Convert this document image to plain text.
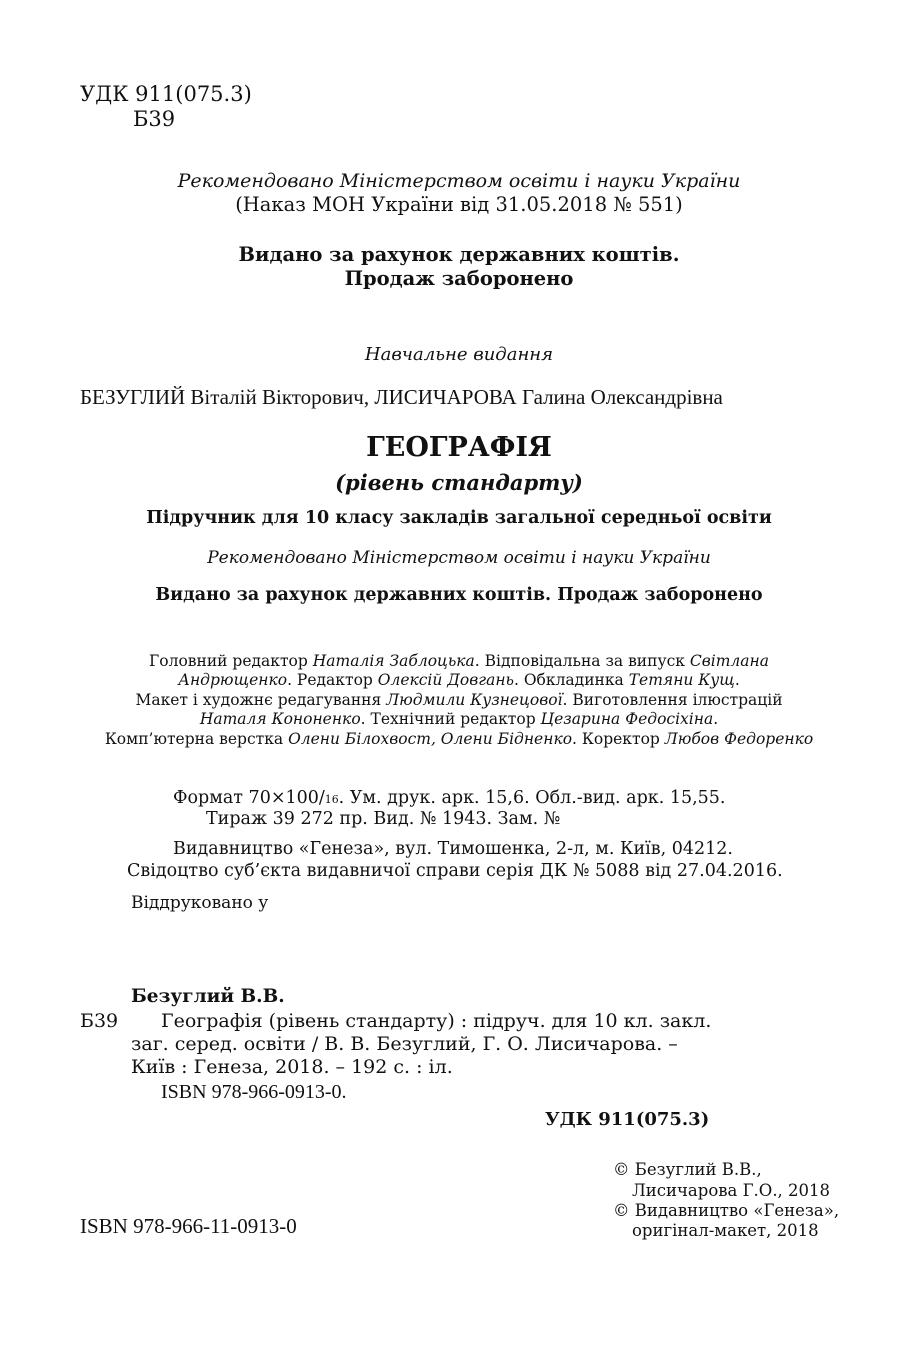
УДК 911(075.3)
Б39
Рекомендовано Міністерством освіти і науки України
(Наказ МОН України від 31.05.2018 № 551)
Видано за рахунок державних коштів.
Продаж заборонено
Навчальне видання
БЕЗУГЛИЙ Віталій Вікторович, ЛИСИЧАРОВА Галина Олександрівна
ГЕОГРАФІЯ
(рівень стандарту)
Підручник для 10 класу закладів загальної середньої освіти
Рекомендовано Міністерством освіти і науки України
Видано за рахунок державних коштів. Продаж заборонено
Головний редактор Наталія Заблоцька. Відповідальна за випуск Світлана
Андрющенко. Редактор Олексій Довгань. Обкладинка Тетяни Кущ.
Макет і художнє редагування Людмили Кузнецової. Виготовлення ілюстрацій
Наталя Кононенко. Технічний редактор Цезарина Федосіхіна.
Комп’ютерна верстка Олени Білохвост, Олени Бідненко. Коректор Любов Федоренко
Формат 70×100/16. Ум. друк. арк. 15,6. Обл.-вид. арк. 15,55.
Тираж 39 272 пр. Вид. № 1943. Зам. №
Видавництво «Генеза», вул. Тимошенка, 2-л, м. Київ, 04212.
Свідоцтво суб’єкта видавничої справи серія ДК № 5088 від 27.04.2016.
Віддруковано у
Безуглий В.В.
Б39 Географія (рівень стандарту) : підруч. для 10 кл. закл.
заг. серед. освіти / В. В. Безуглий, Г. О. Лисичарова. –
Київ : Генеза, 2018. – 192 с. : іл.
ISBN 978-966-0913-0.
УДК 911(075.3)
© Безуглий В.В.,
Лисичарова Г.О., 2018
© Видавництво «Генеза»,
оригінал-макет, 2018
ISBN 978-966-11-0913-0
